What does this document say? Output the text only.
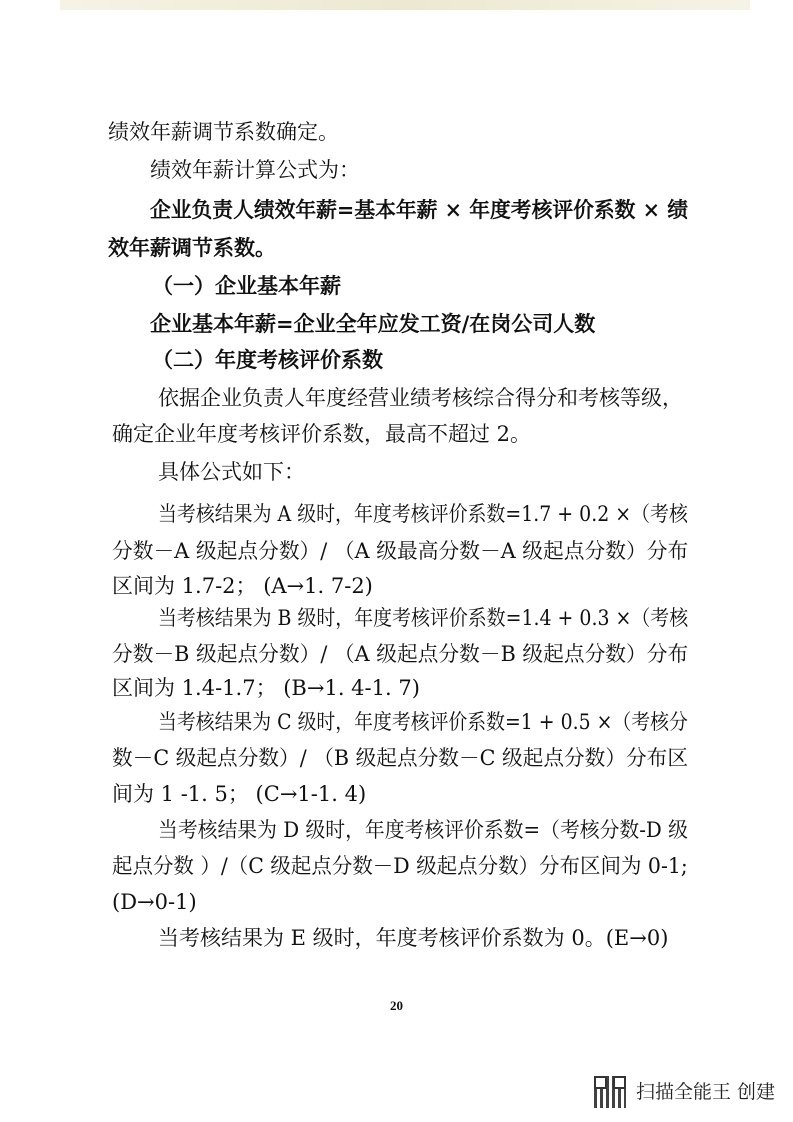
绩效年薪调节系数确定。
绩效年薪计算公式为：
企业负责人绩效年薪=基本年薪 × 年度考核评价系数 × 绩
效年薪调节系数。
（一）企业基本年薪
企业基本年薪=企业全年应发工资/在岗公司人数
（二）年度考核评价系数
依据企业负责人年度经营业绩考核综合得分和考核等级，
确定企业年度考核评价系数，最高不超过 2。
具体公式如下：
当考核结果为 A 级时，年度考核评价系数=1.7 + 0.2 ×（考核
分数－A 级起点分数）/ （A 级最高分数－A 级起点分数）分布
区间为 1.7-2； (A→1. 7-2)
当考核结果为 B 级时，年度考核评价系数=1.4 + 0.3 ×（考核
分数－B 级起点分数）/ （A 级起点分数－B 级起点分数）分布
区间为 1.4-1.7； (B→1. 4-1. 7)
当考核结果为 C 级时，年度考核评价系数=1 + 0.5 ×（考核分
数－C 级起点分数）/ （B 级起点分数－C 级起点分数）分布区
间为 1 -1. 5； (C→1-1. 4)
当考核结果为 D 级时，年度考核评价系数=（考核分数-D 级
起点分数 ）/（C 级起点分数－D 级起点分数）分布区间为 0-1;
(D→0-1)
当考核结果为 E 级时，年度考核评价系数为 0。(E→0)
20
扫描全能王 创建
